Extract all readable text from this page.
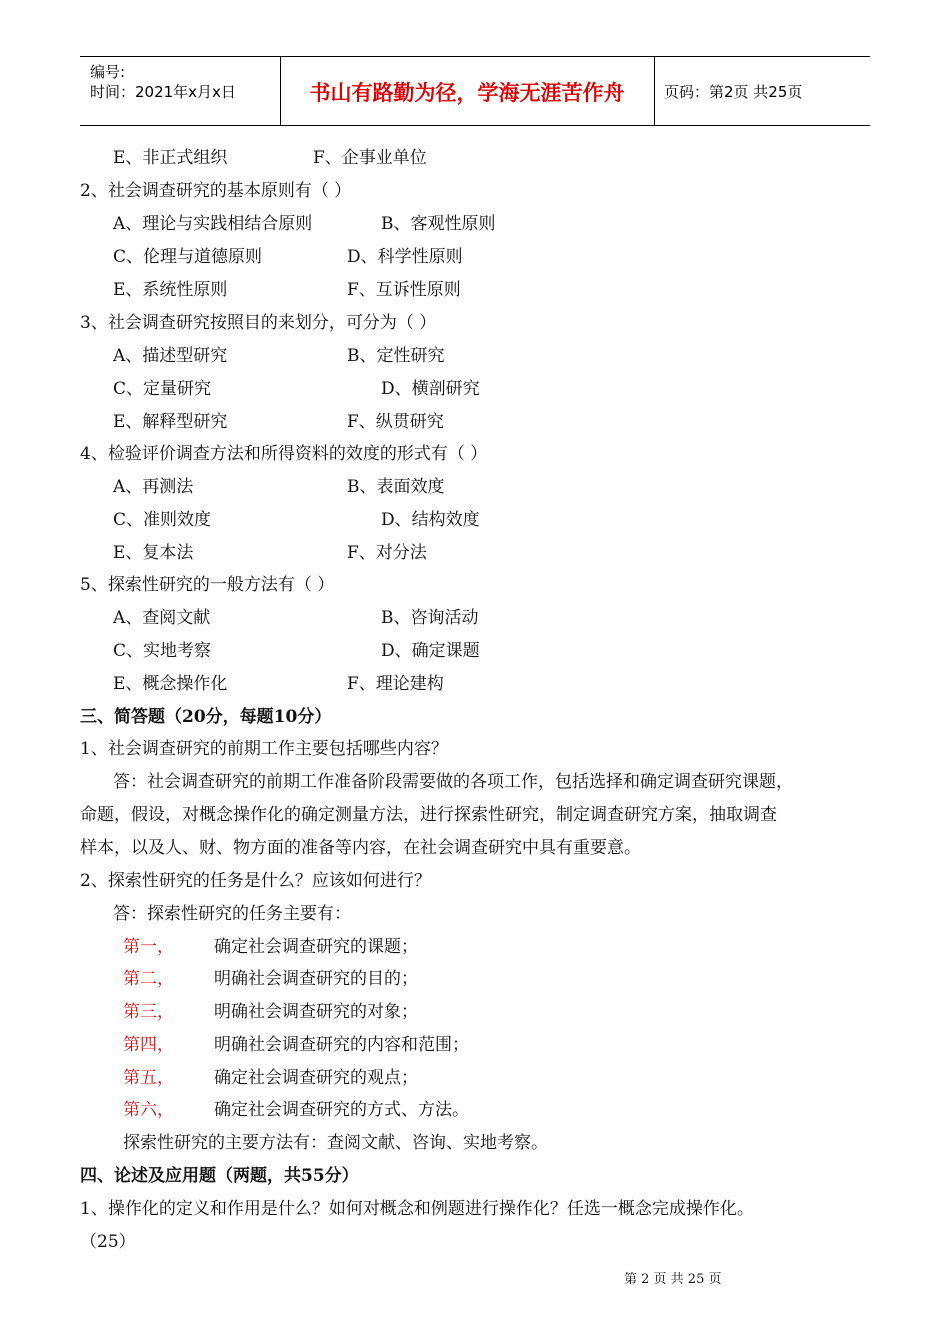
编号:
时间：2021年x月x日	书山有路勤为径，学海无涯苦作舟	页码：第2页 共25页
E、非正式组织	F、企事业单位
2、社会调查研究的基本原则有（ ）
A、理论与实践相结合原则	B、客观性原则
C、伦理与道德原则	D、科学性原则
E、系统性原则	F、互诉性原则
3、社会调查研究按照目的来划分，可分为（ ）
A、描述型研究	B、定性研究
C、定量研究	D、横剖研究
E、解释型研究	F、纵贯研究
4、检验评价调查方法和所得资料的效度的形式有（ ）
A、再测法	B、表面效度
C、准则效度	D、结构效度
E、复本法	F、对分法
5、探索性研究的一般方法有（ ）
A、查阅文献	B、咨询活动
C、实地考察	D、确定课题
E、概念操作化	F、理论建构
三、简答题（20分，每题10分）
1、社会调查研究的前期工作主要包括哪些内容？
答：社会调查研究的前期工作准备阶段需要做的各项工作，包括选择和确定调查研究课题，
命题，假设，对概念操作化的确定测量方法，进行探索性研究，制定调查研究方案，抽取调查
样本，以及人、财、物方面的准备等内容，在社会调查研究中具有重要意。
2、探索性研究的任务是什么？应该如何进行？
答：探索性研究的任务主要有：
第一， 确定社会调查研究的课题；
第二， 明确社会调查研究的目的；
第三， 明确社会调查研究的对象；
第四， 明确社会调查研究的内容和范围；
第五， 确定社会调查研究的观点；
第六， 确定社会调查研究的方式、方法。
探索性研究的主要方法有：查阅文献、咨询、实地考察。
四、论述及应用题（两题，共55分）
1、操作化的定义和作用是什么？如何对概念和例题进行操作化？任选一概念完成操作化。
（25）
第 2 页 共 25 页
